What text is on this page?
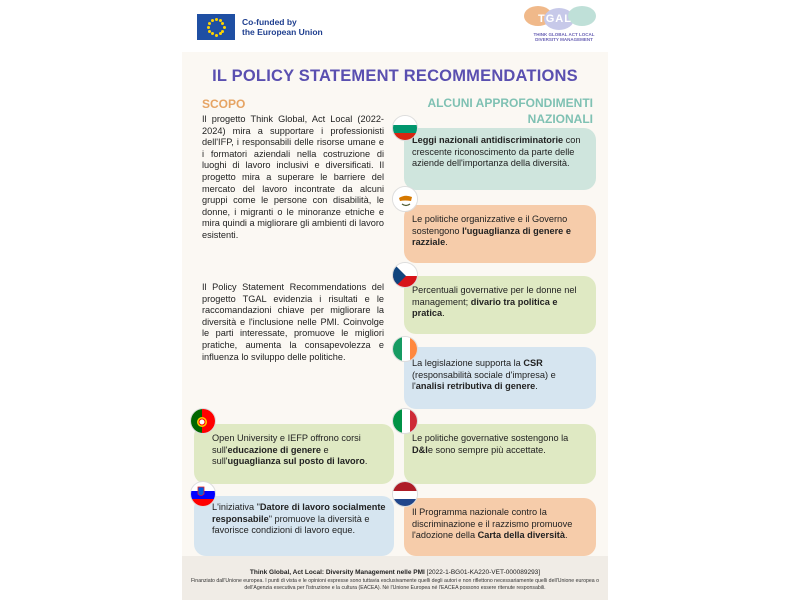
Co-funded by
the European Union
TGAL
THINK GLOBAL ACT LOCAL
DIVERSITY MANAGEMENT
IL POLICY STATEMENT RECOMMENDATIONS
SCOPO	ALCUNI APPROFONDIMENTI NAZIONALI

Il progetto Think Global, Act Local (2022-2024) mira a supportare i professionisti dell'IFP, i responsabili delle risorse umane e i formatori aziendali nella costruzione di luoghi di lavoro inclusivi e diversificati. Il progetto mira a superare le barriere del mercato del lavoro incontrate da alcuni gruppi come le persone con disabilità, le donne, i migranti o le minoranze etniche e mira quindi a migliorare gli ambienti di lavoro esistenti.

Il Policy Statement Recommendations del progetto TGAL evidenzia i risultati e le raccomandazioni chiave per migliorare la diversità e l'inclusione nelle PMI. Coinvolge le parti interessate, promuove le migliori pratiche, aumenta la consapevolezza e influenza lo sviluppo delle politiche.

Leggi nazionali antidiscriminatorie con crescente riconoscimento da parte delle aziende dell'importanza della diversità.
Le politiche organizzative e il Governo sostengono l'uguaglianza di genere e razziale.
Percentuali governative per le donne nel management; divario tra politica e pratica.
La legislazione supporta la CSR (responsabilità sociale d'impresa) e l'analisi retributiva di genere.
Le politiche governative sostengono la D&Ie sono sempre più accettate.
Il Programma nazionale contro la discriminazione e il razzismo promuove l'adozione della Carta della diversità.
Open University e IEFP offrono corsi sull'educazione di genere e sull'uguaglianza sul posto di lavoro.
L'iniziativa "Datore di lavoro socialmente responsabile" promuove la diversità e favorisce condizioni di lavoro eque.
Think Global, Act Local: Diversity Management nelle PMI [2022-1-BG01-KA220-VET-000089293]
Finanziato dall'Unione europea. I punti di vista e le opinioni espresse sono tuttavia esclusivamente quelli degli autori e non riflettono necessariamente quelli dell'Unione europea o dell'Agenzia esecutiva per l'istruzione e la cultura (EACEA). Né l'Unione Europea né l'EACEA possono essere ritenute responsabili.
